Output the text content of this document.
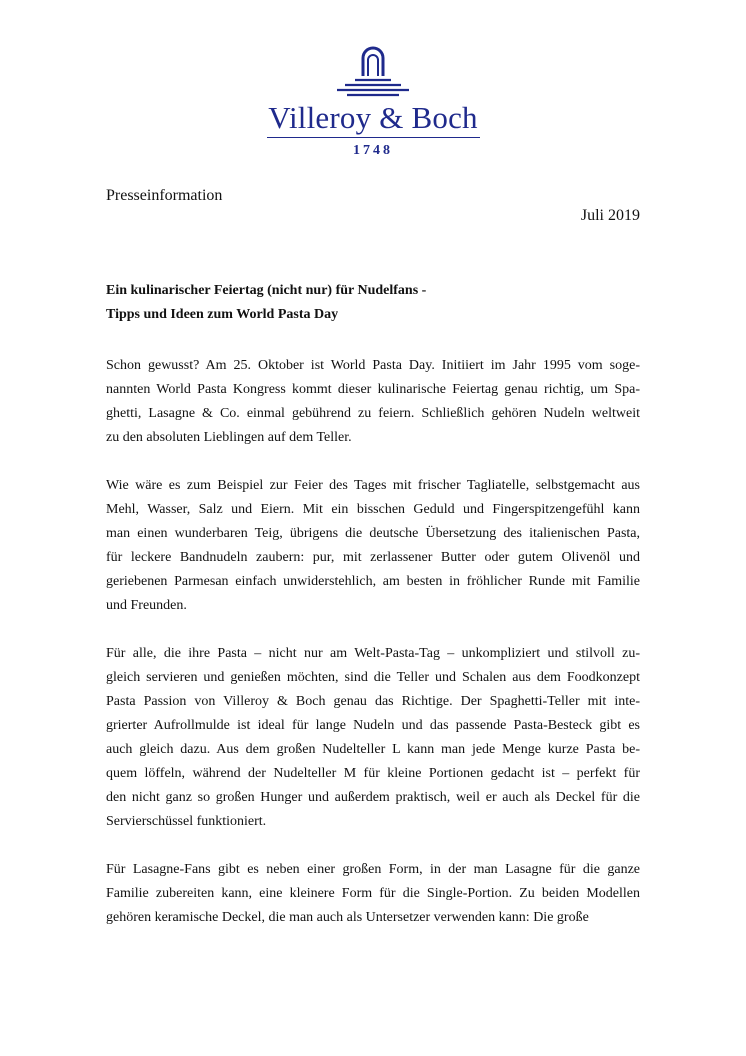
Villeroy & Boch
1748
Presseinformation
Juli 2019
Ein kulinarischer Feiertag (nicht nur) für Nudelfans -
Tipps und Ideen zum World Pasta Day
Schon gewusst? Am 25. Oktober ist World Pasta Day. Initiiert im Jahr 1995 vom soge-
nannten World Pasta Kongress kommt dieser kulinarische Feiertag genau richtig, um Spa-
ghetti, Lasagne & Co. einmal gebührend zu feiern. Schließlich gehören Nudeln weltweit
zu den absoluten Lieblingen auf dem Teller.
Wie wäre es zum Beispiel zur Feier des Tages mit frischer Tagliatelle, selbstgemacht aus
Mehl, Wasser, Salz und Eiern. Mit ein bisschen Geduld und Fingerspitzengefühl kann
man einen wunderbaren Teig, übrigens die deutsche Übersetzung des italienischen Pasta,
für leckere Bandnudeln zaubern: pur, mit zerlassener Butter oder gutem Olivenöl und
geriebenen Parmesan einfach unwiderstehlich, am besten in fröhlicher Runde mit Familie
und Freunden.
Für alle, die ihre Pasta – nicht nur am Welt-Pasta-Tag – unkompliziert und stilvoll zu-
gleich servieren und genießen möchten, sind die Teller und Schalen aus dem Foodkonzept
Pasta Passion von Villeroy & Boch genau das Richtige. Der Spaghetti-Teller mit inte-
grierter Aufrollmulde ist ideal für lange Nudeln und das passende Pasta-Besteck gibt es
auch gleich dazu. Aus dem großen Nudelteller L kann man jede Menge kurze Pasta be-
quem löffeln, während der Nudelteller M für kleine Portionen gedacht ist – perfekt für
den nicht ganz so großen Hunger und außerdem praktisch, weil er auch als Deckel für die
Servierschüssel funktioniert.
Für Lasagne-Fans gibt es neben einer großen Form, in der man Lasagne für die ganze
Familie zubereiten kann, eine kleinere Form für die Single-Portion. Zu beiden Modellen
gehören keramische Deckel, die man auch als Untersetzer verwenden kann: Die große
